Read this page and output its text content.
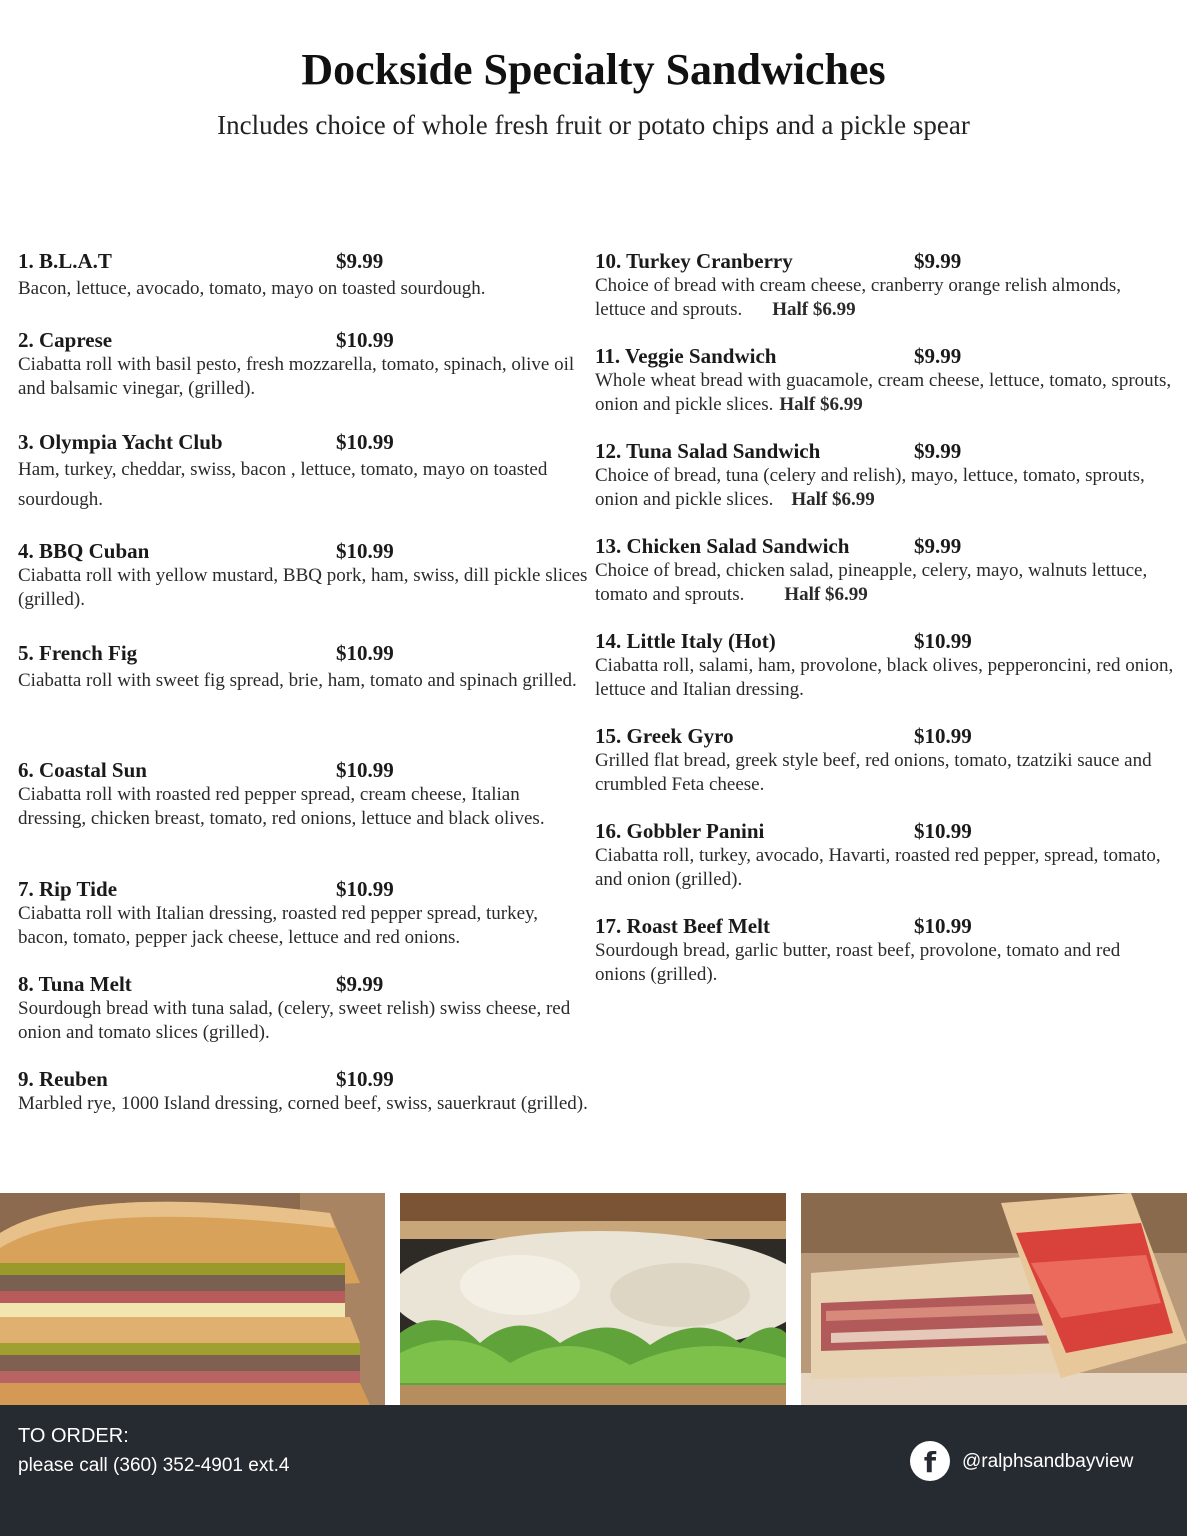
Dockside Specialty Sandwiches
Includes choice of whole fresh fruit or potato chips and a pickle spear
1. B.L.A.T	$9.99
Bacon, lettuce, avocado, tomato, mayo on toasted sourdough.
2. Caprese	$10.99
Ciabatta roll with basil pesto, fresh mozzarella, tomato, spinach, olive oil and balsamic vinegar, (grilled).
3. Olympia Yacht Club	$10.99
Ham, turkey, cheddar, swiss, bacon , lettuce, tomato, mayo on toasted sourdough.
4. BBQ Cuban	$10.99
Ciabatta roll with yellow mustard, BBQ pork, ham, swiss, dill pickle slices (grilled).
5. French Fig	$10.99
Ciabatta roll with sweet fig spread, brie, ham, tomato and spinach grilled.
6. Coastal Sun	$10.99
Ciabatta roll with roasted red pepper spread, cream cheese, Italian dressing, chicken breast, tomato, red onions, lettuce and black olives.
7. Rip Tide	$10.99
Ciabatta roll with Italian dressing, roasted red pepper spread, turkey, bacon, tomato, pepper jack cheese, lettuce and red onions.
8. Tuna Melt	$9.99
Sourdough bread with tuna salad, (celery, sweet relish) swiss cheese, red onion and tomato slices (grilled).
9. Reuben	$10.99
Marbled rye, 1000 Island dressing, corned beef, swiss, sauerkraut (grilled).
10. Turkey Cranberry	$9.99
Choice of bread with cream cheese, cranberry orange relish almonds, lettuce and sprouts. Half $6.99
11. Veggie Sandwich	$9.99
Whole wheat bread with guacamole, cream cheese, lettuce, tomato, sprouts, onion and pickle slices. Half $6.99
12. Tuna Salad Sandwich	$9.99
Choice of bread, tuna (celery and relish), mayo, lettuce, tomato, sprouts, onion and pickle slices. Half $6.99
13. Chicken Salad Sandwich	$9.99
Choice of bread, chicken salad, pineapple, celery, mayo, walnuts lettuce, tomato and sprouts. Half $6.99
14. Little Italy (Hot)	$10.99
Ciabatta roll, salami, ham, provolone, black olives, pepperoncini, red onion, lettuce and Italian dressing.
15. Greek Gyro	$10.99
Grilled flat bread, greek style beef, red onions, tomato, tzatziki sauce and crumbled Feta cheese.
16. Gobbler Panini	$10.99
Ciabatta roll, turkey, avocado, Havarti, roasted red pepper, spread, tomato, and onion (grilled).
17. Roast Beef Melt	$10.99
Sourdough bread, garlic butter, roast beef, provolone, tomato and red onions (grilled).
TO ORDER:
please call (360) 352-4901 ext.4	f	@ralphsandbayview
